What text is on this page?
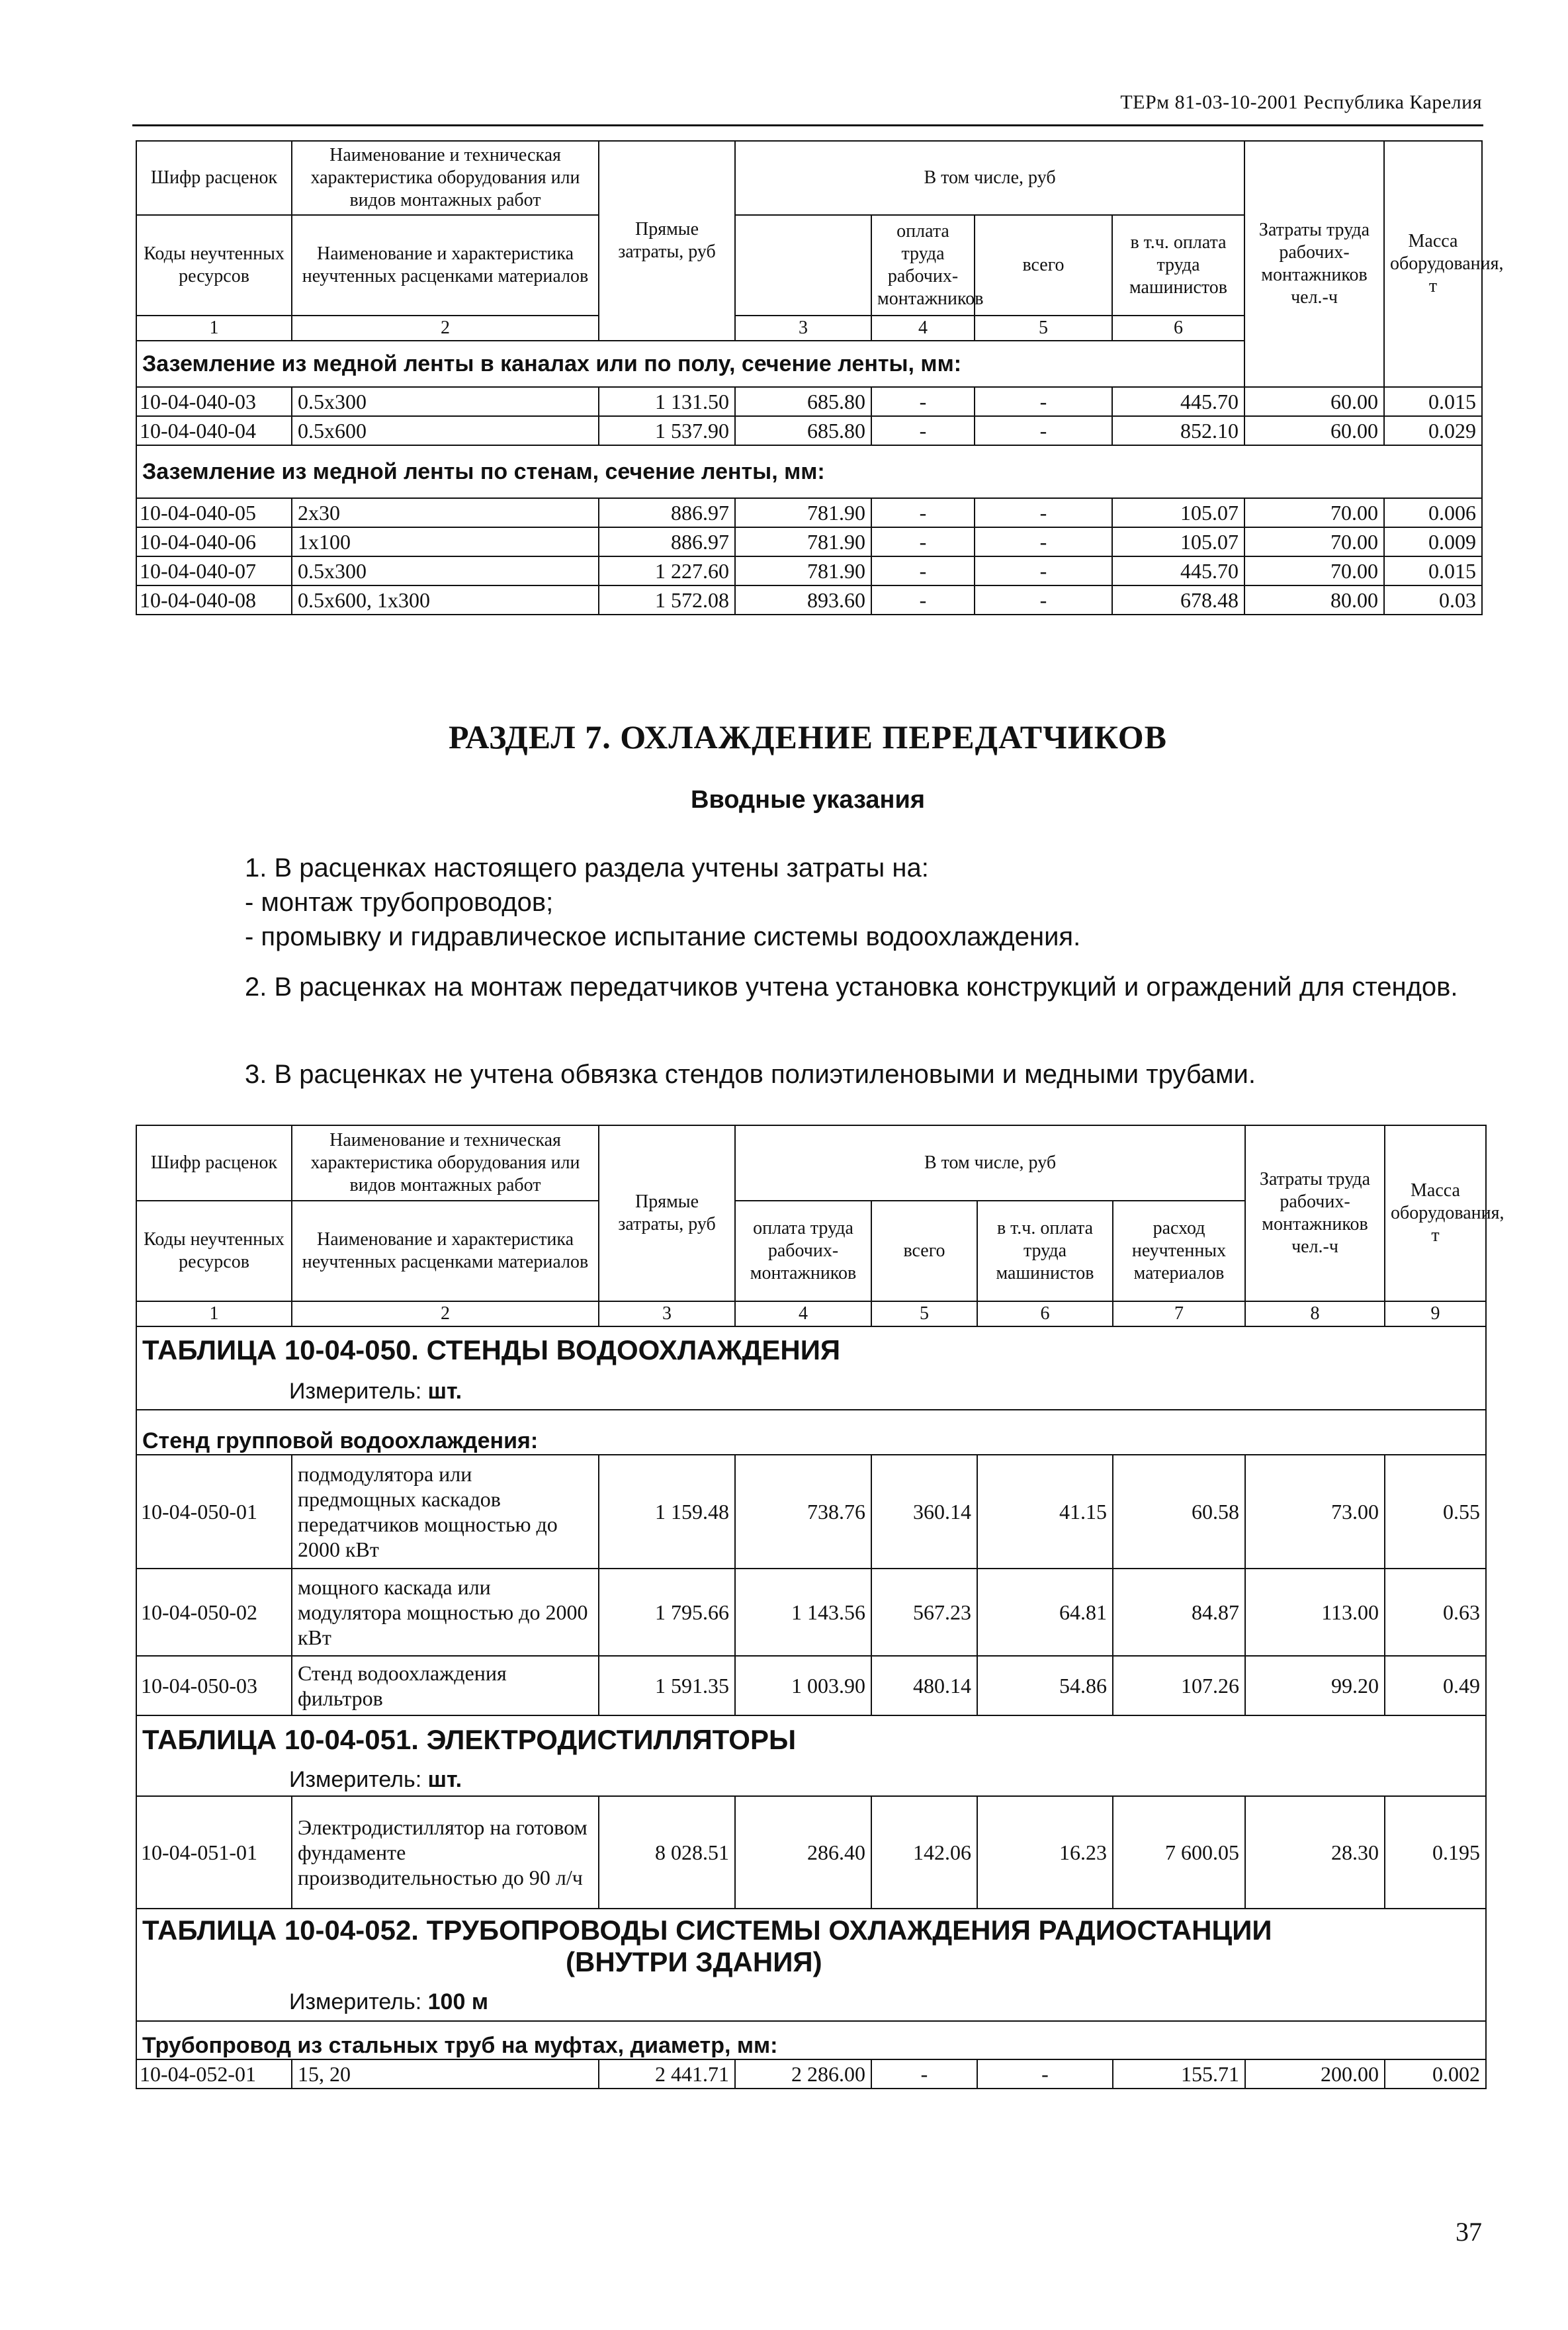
ТЕРм 81-03-10-2001 Республика Карелия
Шифр расценок	Наименование и техническая характеристика оборудования или видов монтажных работ	Прямые затраты, руб	В том числе, руб				Затраты труда рабочих-монтажников чел.-ч	Масса оборудования, т	
Коды неучтенных ресурсов	Наименование и характеристика неучтенных расценками материалов			оплата труда рабочих-монтажников	всего	в т.ч. оплата труда машинистов	
1	2		3	4	5	6			
Заземление из медной ленты в каналах или по полу, сечение ленты, мм:									
10-04-040-03	0.5x300	1 131.50	685.80	-	-	445.70	60.00	0.015	
10-04-040-04	0.5x600	1 537.90	685.80	-	-	852.10	60.00	0.029	
Заземление из медной ленты по стенам, сечение ленты, мм:									
10-04-040-05	2x30	886.97	781.90	-	-	105.07	70.00	0.006	
10-04-040-06	1x100	886.97	781.90	-	-	105.07	70.00	0.009	
10-04-040-07	0.5x300	1 227.60	781.90	-	-	445.70	70.00	0.015	
10-04-040-08	0.5x600, 1x300	1 572.08	893.60	-	-	678.48	80.00	0.03	
РАЗДЕЛ 7. ОХЛАЖДЕНИЕ ПЕРЕДАТЧИКОВ
Вводные указания
1. В расценках настоящего раздела учтены затраты на:
- монтаж трубопроводов;
- промывку и гидравлическое испытание системы водоохлаждения.
2. В расценках на монтаж передатчиков учтена установка конструкций и ограждений для стендов.
3. В расценках не учтена обвязка стендов полиэтиленовыми и медными трубами.
Шифр расценок	Наименование и техническая характеристика оборудования или видов монтажных работ	Прямые затраты, руб	В том числе, руб				Затраты труда рабочих-монтажников чел.-ч	Масса оборудования, т
Коды неучтенных ресурсов	Наименование и характеристика неучтенных расценками материалов		оплата труда рабочих-монтажников	всего	в т.ч. оплата труда машинистов	расход неучтенных материалов		
1	2	3	4	5	6	7	8	9
ТАБЛИЦА 10-04-050. СТЕНДЫ ВОДООХЛАЖДЕНИЯ								
Измеритель: шт.								
Стенд групповой водоохлаждения:								
10-04-050-01	подмодулятора или предмощных каскадов передатчиков мощностью до 2000 кВт	1 159.48	738.76	360.14	41.15	60.58	73.00	0.55
10-04-050-02	мощного каскада или модулятора мощностью до 2000 кВт	1 795.66	1 143.56	567.23	64.81	84.87	113.00	0.63
10-04-050-03	Стенд водоохлаждения фильтров	1 591.35	1 003.90	480.14	54.86	107.26	99.20	0.49
ТАБЛИЦА 10-04-051. ЭЛЕКТРОДИСТИЛЛЯТОРЫ								
Измеритель: шт.								
10-04-051-01	Электродистиллятор на готовом фундаменте производительностью до 90 л/ч	8 028.51	286.40	142.06	16.23	7 600.05	28.30	0.195

ТАБЛИЦА 10-04-052. ТРУБОПРОВОДЫ СИСТЕМЫ ОХЛАЖДЕНИЯ РАДИОСТАНЦИИ
(ВНУТРИ ЗДАНИЯ)								

Измеритель: 100 м								
Трубопровод из стальных труб на муфтах, диаметр, мм:								
10-04-052-01	15, 20	2 441.71	2 286.00	-	-	155.71	200.00	0.002
37
